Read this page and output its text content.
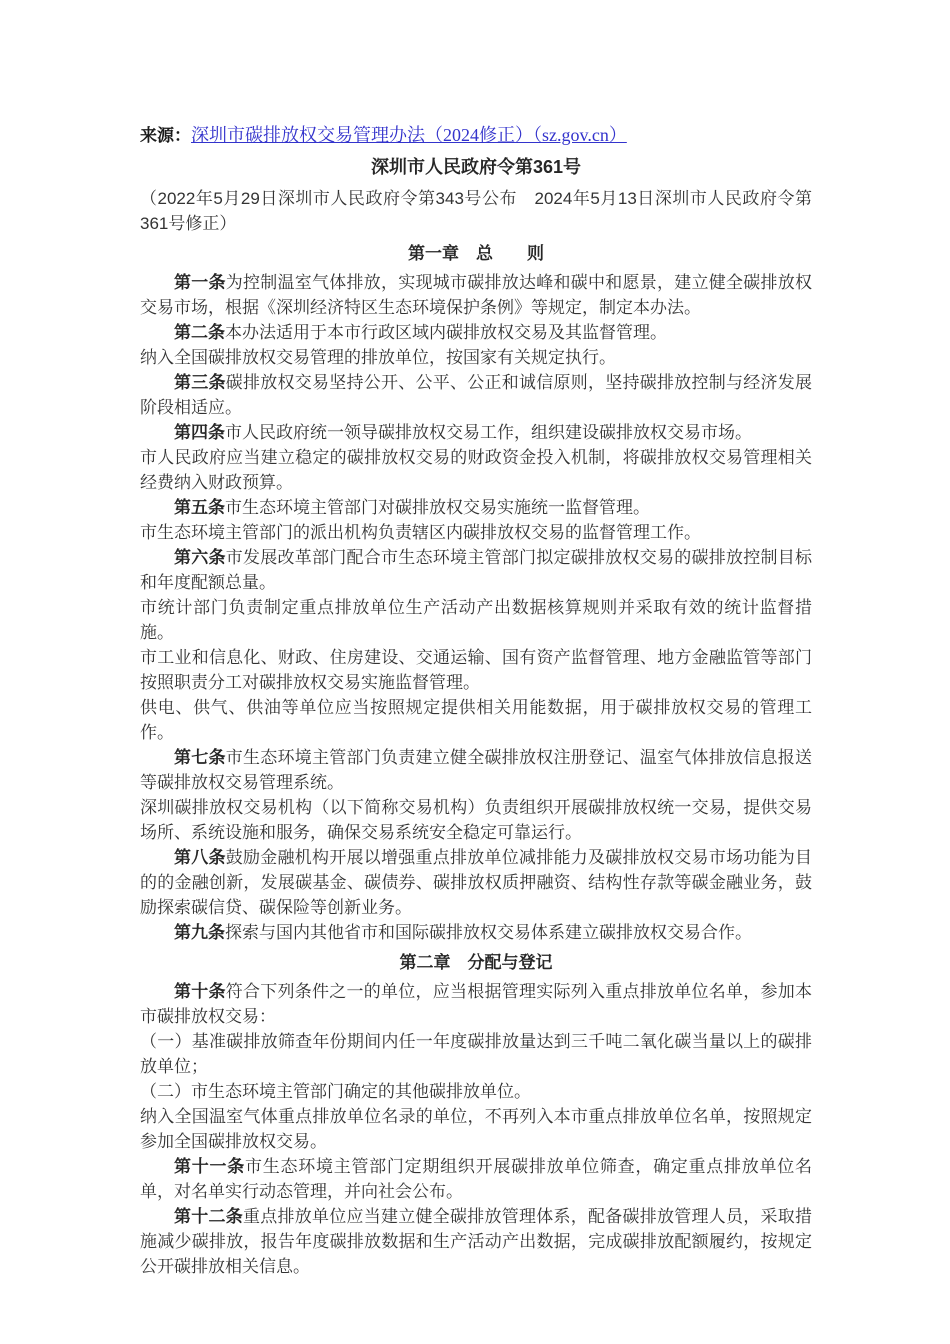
来源：深圳市碳排放权交易管理办法（2024修正）（sz.gov.cn）

深圳市人民政府令第361号

（2022年5月29日深圳市人民政府令第343号公布　2024年5月13日深圳市人民政府令第361号修正）

第一章　总　　则

第一条为控制温室气体排放，实现城市碳排放达峰和碳中和愿景，建立健全碳排放权交易市场，根据《深圳经济特区生态环境保护条例》等规定，制定本办法。

第二条本办法适用于本市行政区域内碳排放权交易及其监督管理。

纳入全国碳排放权交易管理的排放单位，按国家有关规定执行。

第三条碳排放权交易坚持公开、公平、公正和诚信原则，坚持碳排放控制与经济发展阶段相适应。

第四条市人民政府统一领导碳排放权交易工作，组织建设碳排放权交易市场。

市人民政府应当建立稳定的碳排放权交易的财政资金投入机制，将碳排放权交易管理相关经费纳入财政预算。

第五条市生态环境主管部门对碳排放权交易实施统一监督管理。

市生态环境主管部门的派出机构负责辖区内碳排放权交易的监督管理工作。

第六条市发展改革部门配合市生态环境主管部门拟定碳排放权交易的碳排放控制目标和年度配额总量。

市统计部门负责制定重点排放单位生产活动产出数据核算规则并采取有效的统计监督措施。

市工业和信息化、财政、住房建设、交通运输、国有资产监督管理、地方金融监管等部门按照职责分工对碳排放权交易实施监督管理。

供电、供气、供油等单位应当按照规定提供相关用能数据，用于碳排放权交易的管理工作。

第七条市生态环境主管部门负责建立健全碳排放权注册登记、温室气体排放信息报送等碳排放权交易管理系统。

深圳碳排放权交易机构（以下简称交易机构）负责组织开展碳排放权统一交易，提供交易场所、系统设施和服务，确保交易系统安全稳定可靠运行。

第八条鼓励金融机构开展以增强重点排放单位减排能力及碳排放权交易市场功能为目的的金融创新，发展碳基金、碳债券、碳排放权质押融资、结构性存款等碳金融业务，鼓励探索碳信贷、碳保险等创新业务。

第九条探索与国内其他省市和国际碳排放权交易体系建立碳排放权交易合作。

第二章　分配与登记

第十条符合下列条件之一的单位，应当根据管理实际列入重点排放单位名单，参加本市碳排放权交易：

（一）基准碳排放筛查年份期间内任一年度碳排放量达到三千吨二氧化碳当量以上的碳排放单位；

（二）市生态环境主管部门确定的其他碳排放单位。

纳入全国温室气体重点排放单位名录的单位，不再列入本市重点排放单位名单，按照规定参加全国碳排放权交易。

第十一条市生态环境主管部门定期组织开展碳排放单位筛查，确定重点排放单位名单，对名单实行动态管理，并向社会公布。

第十二条重点排放单位应当建立健全碳排放管理体系，配备碳排放管理人员，采取措施减少碳排放，报告年度碳排放数据和生产活动产出数据，完成碳排放配额履约，按规定公开碳排放相关信息。
